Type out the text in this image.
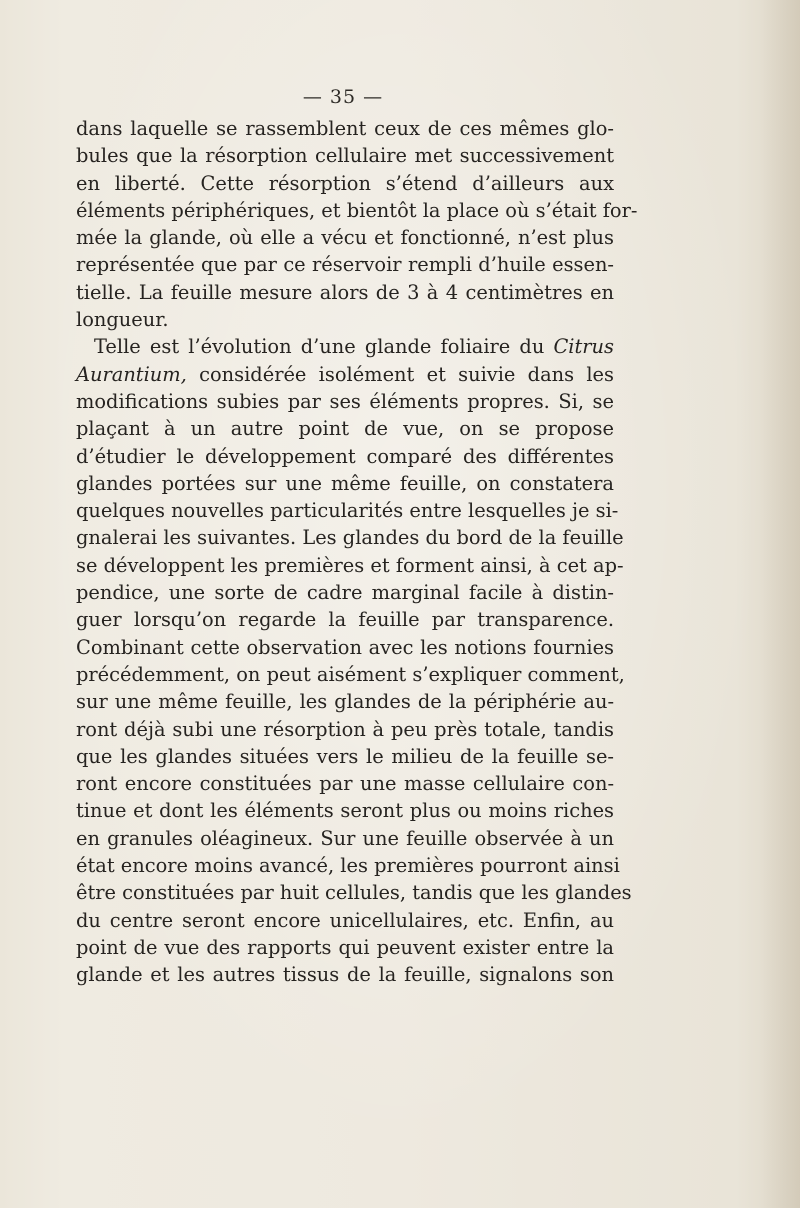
— 35 —
dans laquelle se rassemblent ceux de ces mêmes glo-
bules que la résorption cellulaire met successivement
en liberté. Cette résorption s’étend d’ailleurs aux
éléments périphériques, et bientôt la place où s’était for-
mée la glande, où elle a vécu et fonctionné, n’est plus
représentée que par ce réservoir rempli d’huile essen-
tielle. La feuille mesure alors de 3 à 4 centimètres en
longueur.
Telle est l’évolution d’une glande foliaire du Citrus
Aurantium, considérée isolément et suivie dans les
modifications subies par ses éléments propres. Si, se
plaçant à un autre point de vue, on se propose
d’étudier le développement comparé des différentes
glandes portées sur une même feuille, on constatera
quelques nouvelles particularités entre lesquelles je si-
gnalerai les suivantes. Les glandes du bord de la feuille
se développent les premières et forment ainsi, à cet ap-
pendice, une sorte de cadre marginal facile à distin-
guer lorsqu’on regarde la feuille par transparence.
Combinant cette observation avec les notions fournies
précédemment, on peut aisément s’expliquer comment,
sur une même feuille, les glandes de la périphérie au-
ront déjà subi une résorption à peu près totale, tandis
que les glandes situées vers le milieu de la feuille se-
ront encore constituées par une masse cellulaire con-
tinue et dont les éléments seront plus ou moins riches
en granules oléagineux. Sur une feuille observée à un
état encore moins avancé, les premières pourront ainsi
être constituées par huit cellules, tandis que les glandes
du centre seront encore unicellulaires, etc. Enfin, au
point de vue des rapports qui peuvent exister entre la
glande et les autres tissus de la feuille, signalons son
